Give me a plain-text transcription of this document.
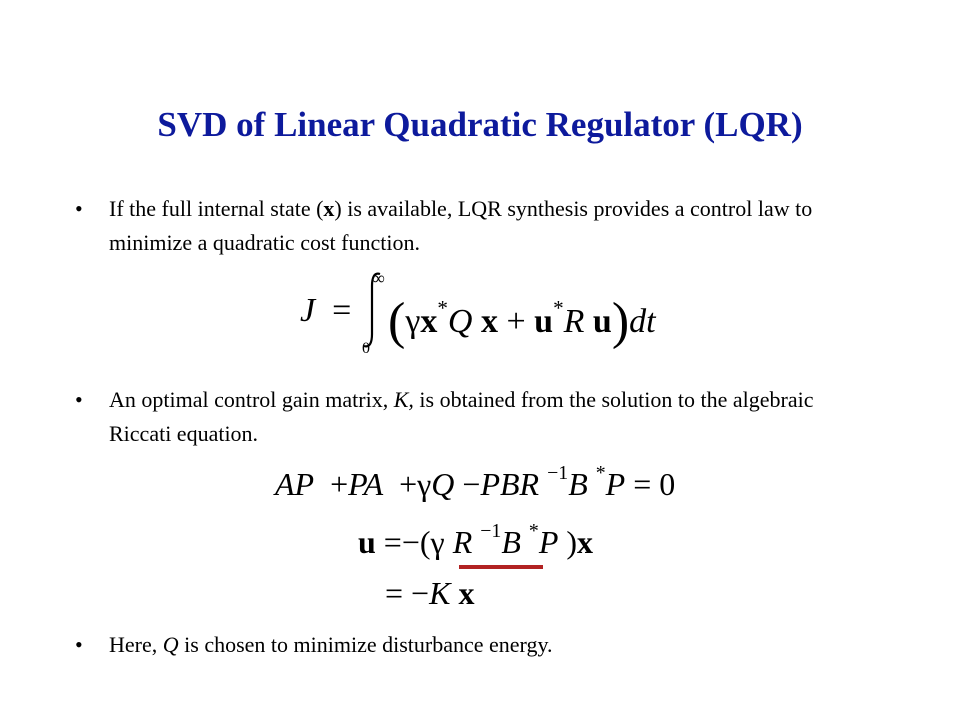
SVD of Linear Quadratic Regulator (LQR)
• If the full internal state (x) is available, LQR synthesis provides a control law to minimize a quadratic cost function.
J =
∞
0 (γx*Q x + u*R u)dt
• An optimal control gain matrix, K, is obtained from the solution to the algebraic Riccati equation.
AP +PA +γQ −PBR $^{-1}$B *P = 0
u =−(γ R $^{-1}$B *P )x
= −K x
• Here, Q is chosen to minimize disturbance energy.
